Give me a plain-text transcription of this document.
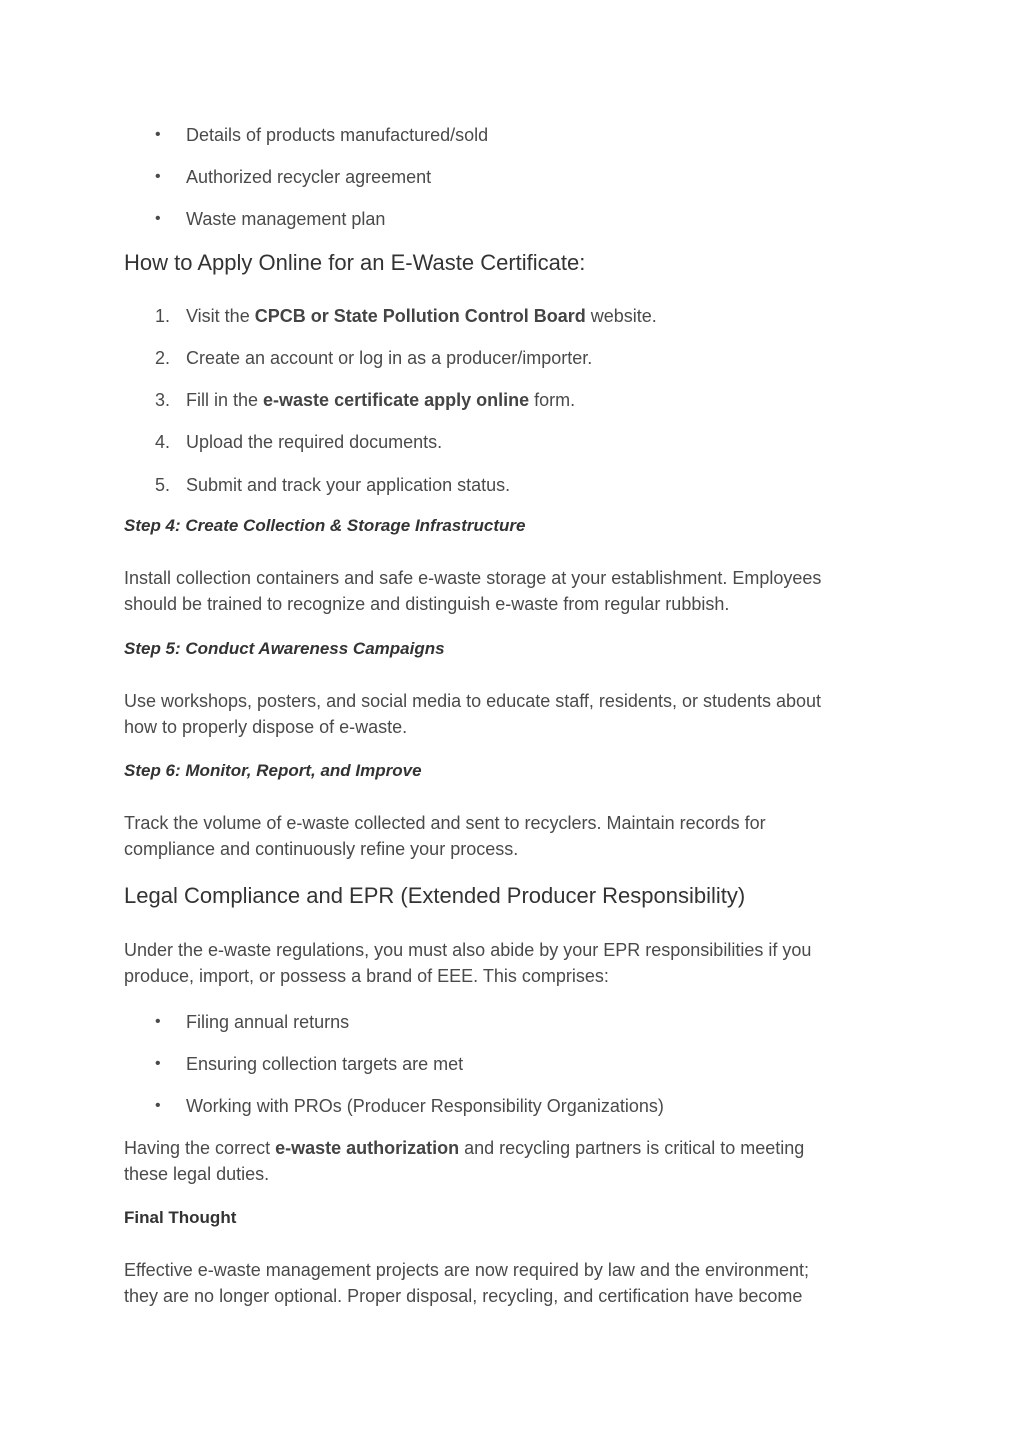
• Details of products manufactured/sold
• Authorized recycler agreement
• Waste management plan
How to Apply Online for an E-Waste Certificate:
1. Visit the CPCB or State Pollution Control Board website.
2. Create an account or log in as a producer/importer.
3. Fill in the e-waste certificate apply online form.
4. Upload the required documents.
5. Submit and track your application status.
Step 4: Create Collection & Storage Infrastructure
Install collection containers and safe e-waste storage at your establishment. Employees
should be trained to recognize and distinguish e-waste from regular rubbish.
Step 5: Conduct Awareness Campaigns
Use workshops, posters, and social media to educate staff, residents, or students about
how to properly dispose of e-waste.
Step 6: Monitor, Report, and Improve
Track the volume of e-waste collected and sent to recyclers. Maintain records for
compliance and continuously refine your process.
Legal Compliance and EPR (Extended Producer Responsibility)
Under the e-waste regulations, you must also abide by your EPR responsibilities if you
produce, import, or possess a brand of EEE. This comprises:
• Filing annual returns
• Ensuring collection targets are met
• Working with PROs (Producer Responsibility Organizations)
Having the correct e-waste authorization and recycling partners is critical to meeting
these legal duties.
Final Thought
Effective e-waste management projects are now required by law and the environment;
they are no longer optional. Proper disposal, recycling, and certification have become
